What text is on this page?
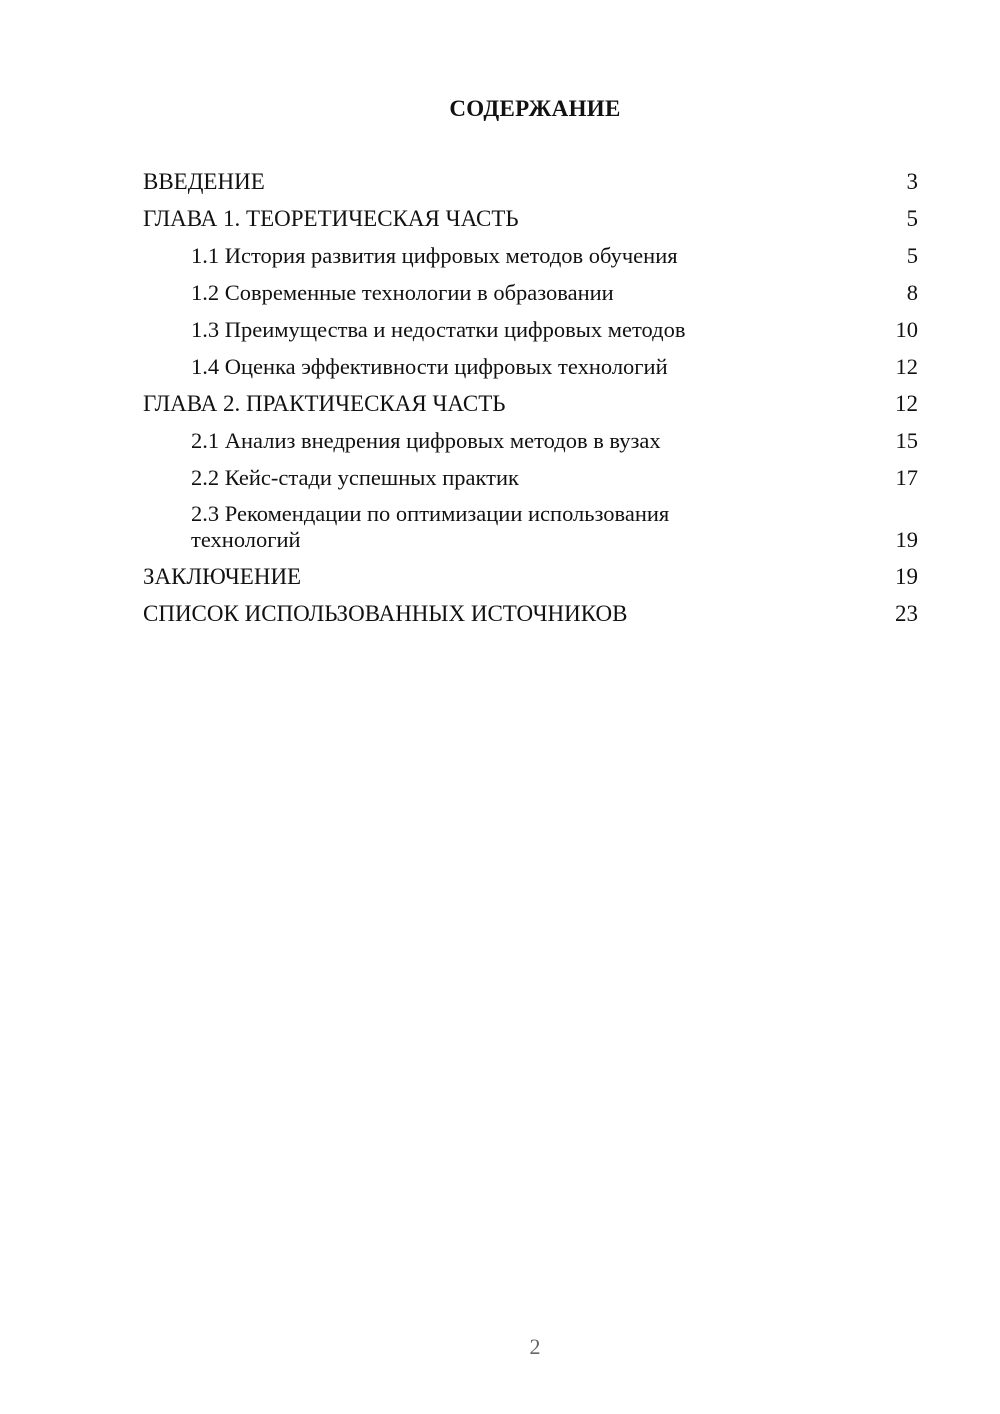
СОДЕРЖАНИЕ
ВВЕДЕНИЕ	3
ГЛАВА 1. ТЕОРЕТИЧЕСКАЯ ЧАСТЬ	5
1.1 История развития цифровых методов обучения	5
1.2 Современные технологии в образовании	8
1.3 Преимущества и недостатки цифровых методов	10
1.4 Оценка эффективности цифровых технологий	12
ГЛАВА 2. ПРАКТИЧЕСКАЯ ЧАСТЬ	12
2.1 Анализ внедрения цифровых методов в вузах	15
2.2 Кейс-стади успешных практик	17
2.3 Рекомендации по оптимизации использования технологий	19
ЗАКЛЮЧЕНИЕ	19
СПИСОК ИСПОЛЬЗОВАННЫХ ИСТОЧНИКОВ	23
2
